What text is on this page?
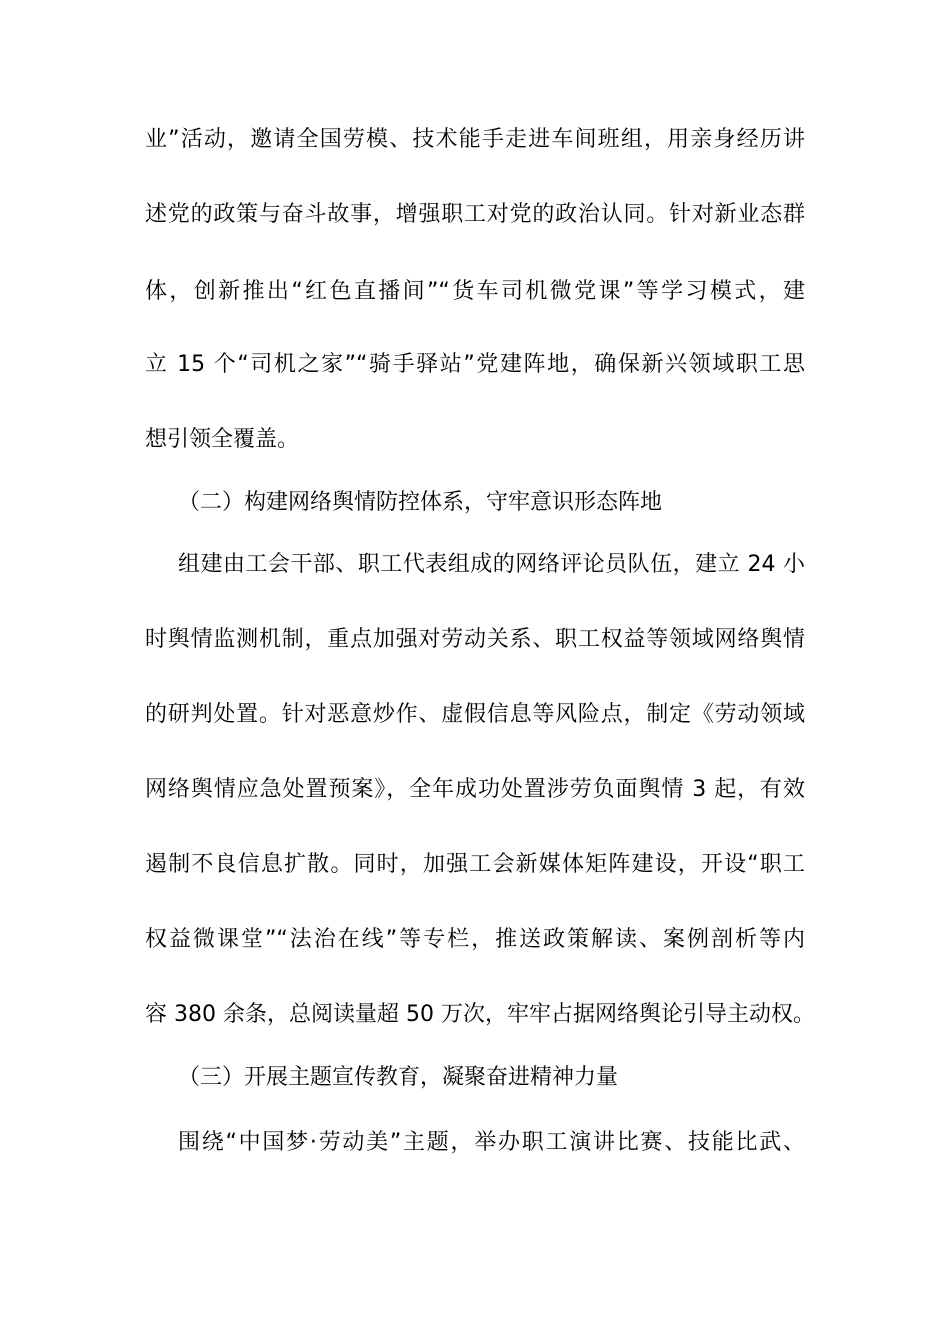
业”活动，邀请全国劳模、技术能手走进车间班组，用亲身经历讲
述党的政策与奋斗故事，增强职工对党的政治认同。针对新业态群
体，创新推出“红色直播间”“货车司机微党课”等学习模式，建
立 15 个“司机之家”“骑手驿站”党建阵地，确保新兴领域职工思
想引领全覆盖。
（二）构建网络舆情防控体系，守牢意识形态阵地
组建由工会干部、职工代表组成的网络评论员队伍，建立 24 小
时舆情监测机制，重点加强对劳动关系、职工权益等领域网络舆情
的研判处置。针对恶意炒作、虚假信息等风险点，制定《劳动领域
网络舆情应急处置预案》，全年成功处置涉劳负面舆情 3 起，有效
遏制不良信息扩散。同时，加强工会新媒体矩阵建设，开设“职工
权益微课堂”“法治在线”等专栏，推送政策解读、案例剖析等内
容 380 余条，总阅读量超 50 万次，牢牢占据网络舆论引导主动权。
（三）开展主题宣传教育，凝聚奋进精神力量
围绕“中国梦·劳动美”主题，举办职工演讲比赛、技能比武、
